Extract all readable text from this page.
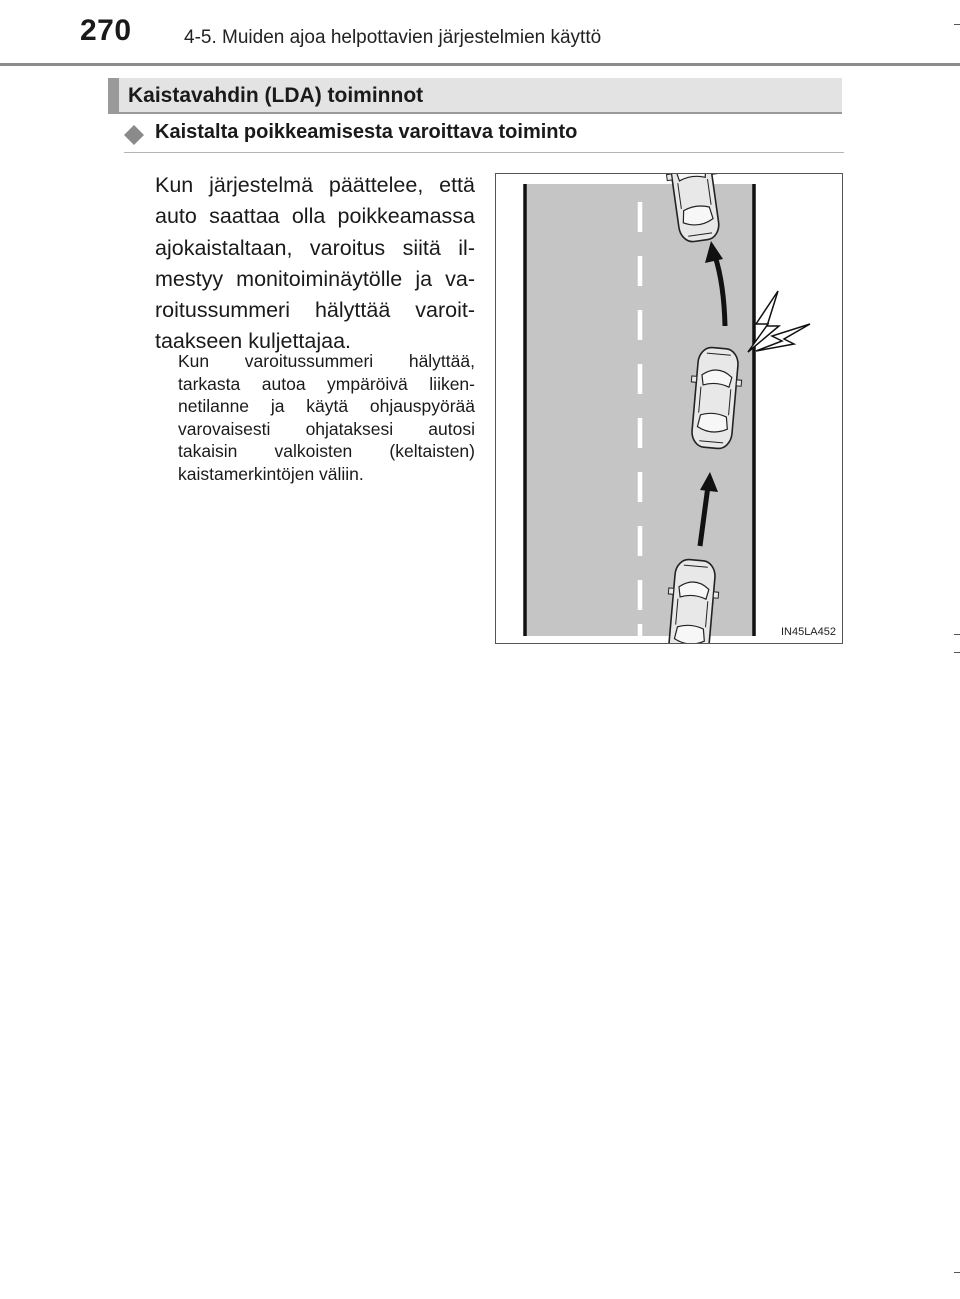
270	4-5. Muiden ajoa helpottavien järjestelmien käyttö
Kaistavahdin (LDA) toiminnot
Kaistalta poikkeamisesta varoittava toiminto

Kun järjestelmä päättelee, että auto saattaa olla poikkeamassa ajokaistaltaan, varoitus siitä il-mestyy monitoiminäytölle ja va-roitussummeri hälyttää varoit-taakseen kuljettajaa.

Kun varoitussummeri hälyttää, tarkasta autoa ympäröivä liiken-netilanne ja käytä ohjauspyörää varovaisesti ohjataksesi autosi takaisin valkoisten (keltaisten) kaistamerkintöjen väliin.

IN45LA452
